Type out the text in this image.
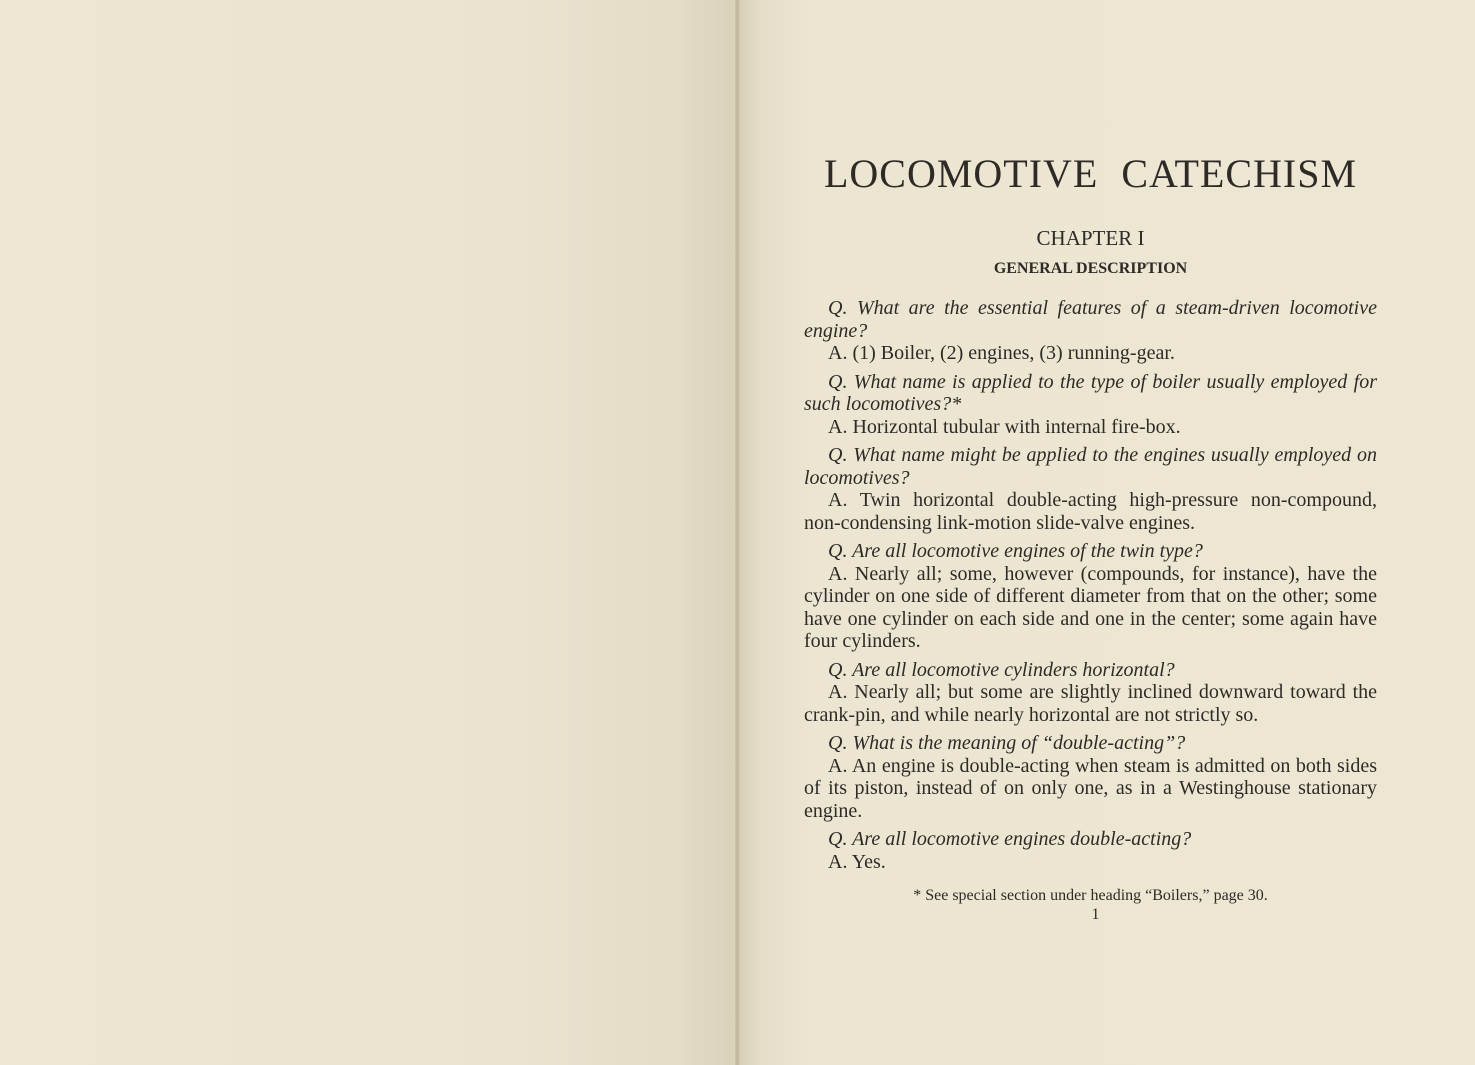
LOCOMOTIVE CATECHISM
CHAPTER I
GENERAL DESCRIPTION

Q. What are the essential features of a steam-driven locomotive engine?

A. (1) Boiler, (2) engines, (3) running-gear.

Q. What name is applied to the type of boiler usually employed for such locomotives?*

A. Horizontal tubular with internal fire-box.

Q. What name might be applied to the engines usually employed on locomotives?

A. Twin horizontal double-acting high-pressure non-compound, non-condensing link-motion slide-valve engines.

Q. Are all locomotive engines of the twin type?

A. Nearly all; some, however (compounds, for instance), have the cylinder on one side of different diameter from that on the other; some have one cylinder on each side and one in the center; some again have four cylinders.

Q. Are all locomotive cylinders horizontal?

A. Nearly all; but some are slightly inclined downward toward the crank-pin, and while nearly horizontal are not strictly so.

Q. What is the meaning of “double-acting”?

A. An engine is double-acting when steam is admitted on both sides of its piston, instead of on only one, as in a Westinghouse stationary engine.

Q. Are all locomotive engines double-acting?

A. Yes.

* See special section under heading “Boilers,” page 30.
1
